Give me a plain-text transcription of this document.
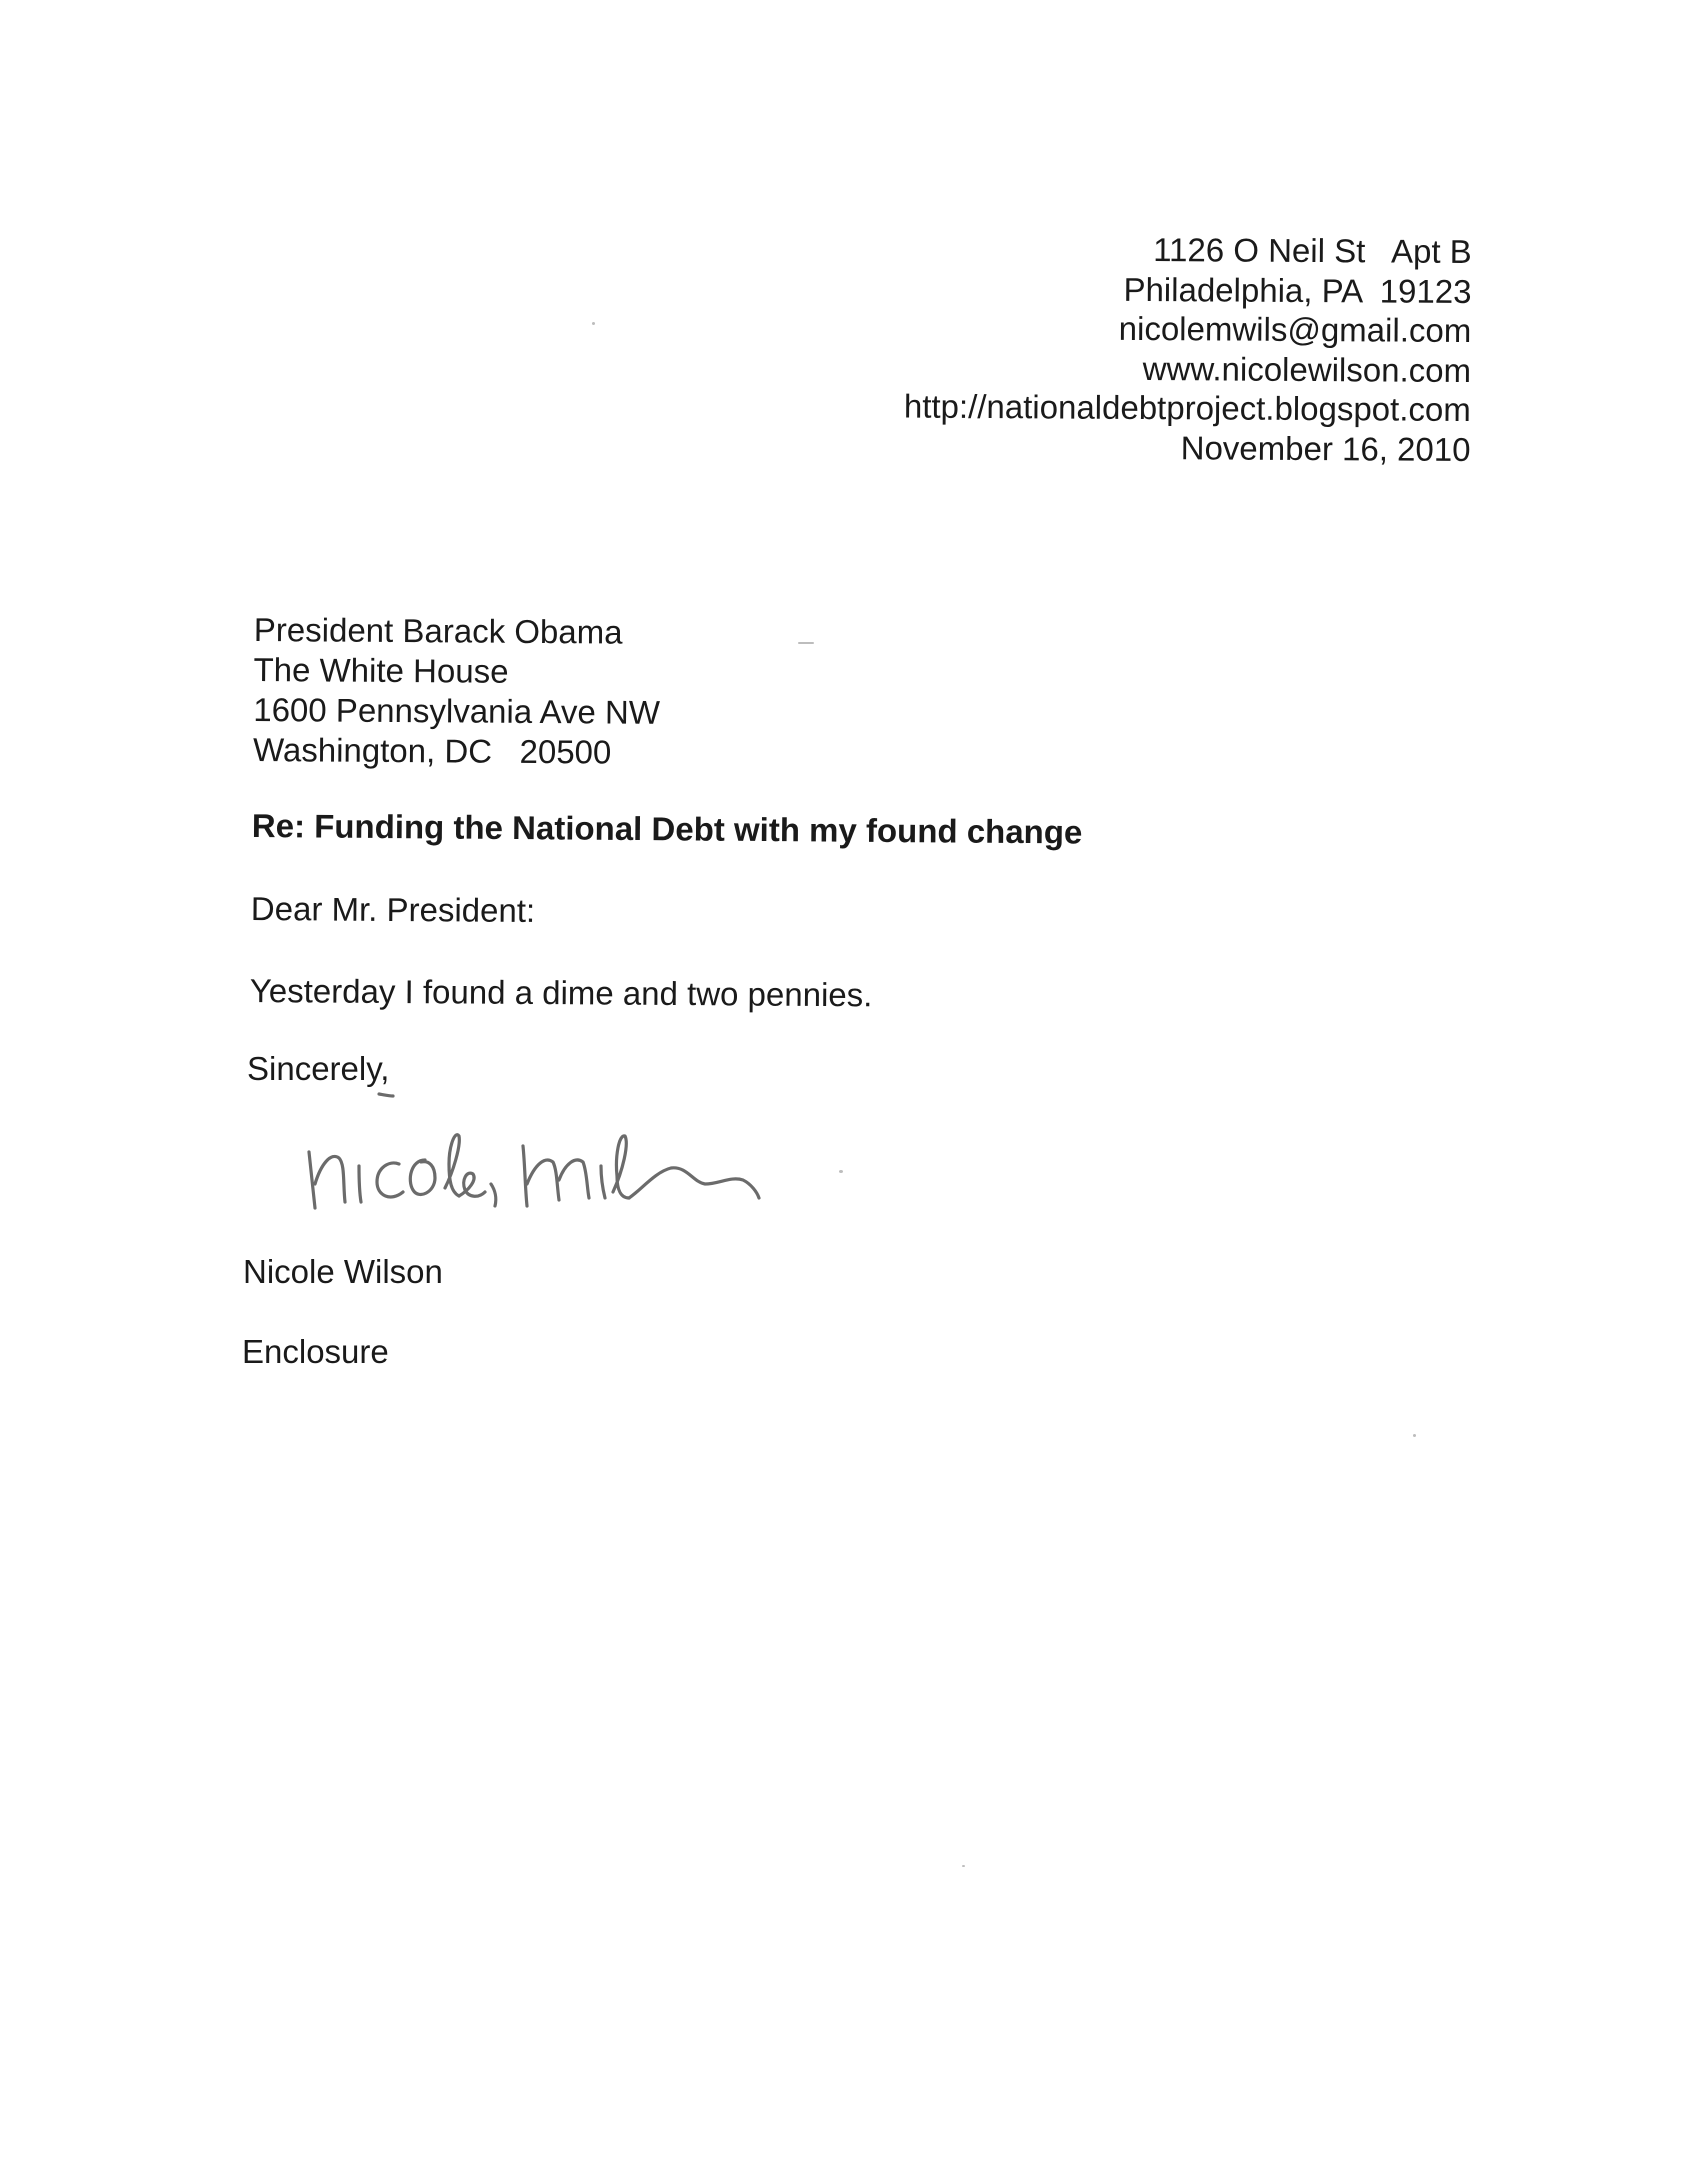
1126 O Neil St   Apt B
Philadelphia, PA  19123
nicolemwils@gmail.com
www.nicolewilson.com
http://nationaldebtproject.blogspot.com
November 16, 2010
President Barack Obama
The White House
1600 Pennsylvania Ave NW
Washington, DC   20500
Re: Funding the National Debt with my found change
Dear Mr. President:
Yesterday I found a dime and two pennies.
Sincerely,
Nicole Wilson
Enclosure
